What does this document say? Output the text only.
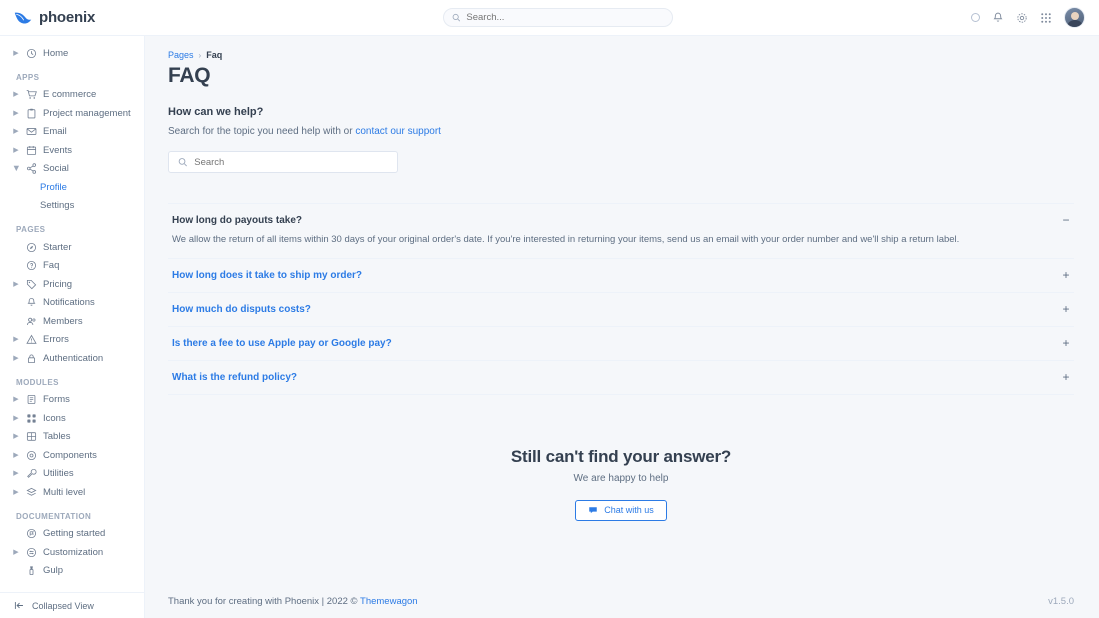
phoenix
Search...
▶	Home
APPS
▶	E commerce
▶	Project management
▶	Email
▶	Events
▶ Social
Profile
Settings
PAGES
Starter
Faq
▶	Pricing
Notifications
Members
▶	Errors
▶	Authentication
MODULES
▶	Forms
▶	Icons
▶	Tables
▶	Components
▶	Utilities
▶	Multi level
DOCUMENTATION
Getting started
▶	Customization
Gulp
Collapsed View
Pages › Faq
FAQ
How can we help?
Search for the topic you need help with or contact our support
Search
How long do payouts take?
We allow the return of all items within 30 days of your original order's date. If you're interested in returning your items, send us an email with your order number and we'll ship a return label.
−
How long does it take to ship my order?	+
How much do disputs costs?	+
Is there a fee to use Apple pay or Google pay?	+
What is the refund policy?	+
Still can't find your answer?
We are happy to help
Chat with us
Thank you for creating with Phoenix | 2022 © Themewagon	v1.5.0
